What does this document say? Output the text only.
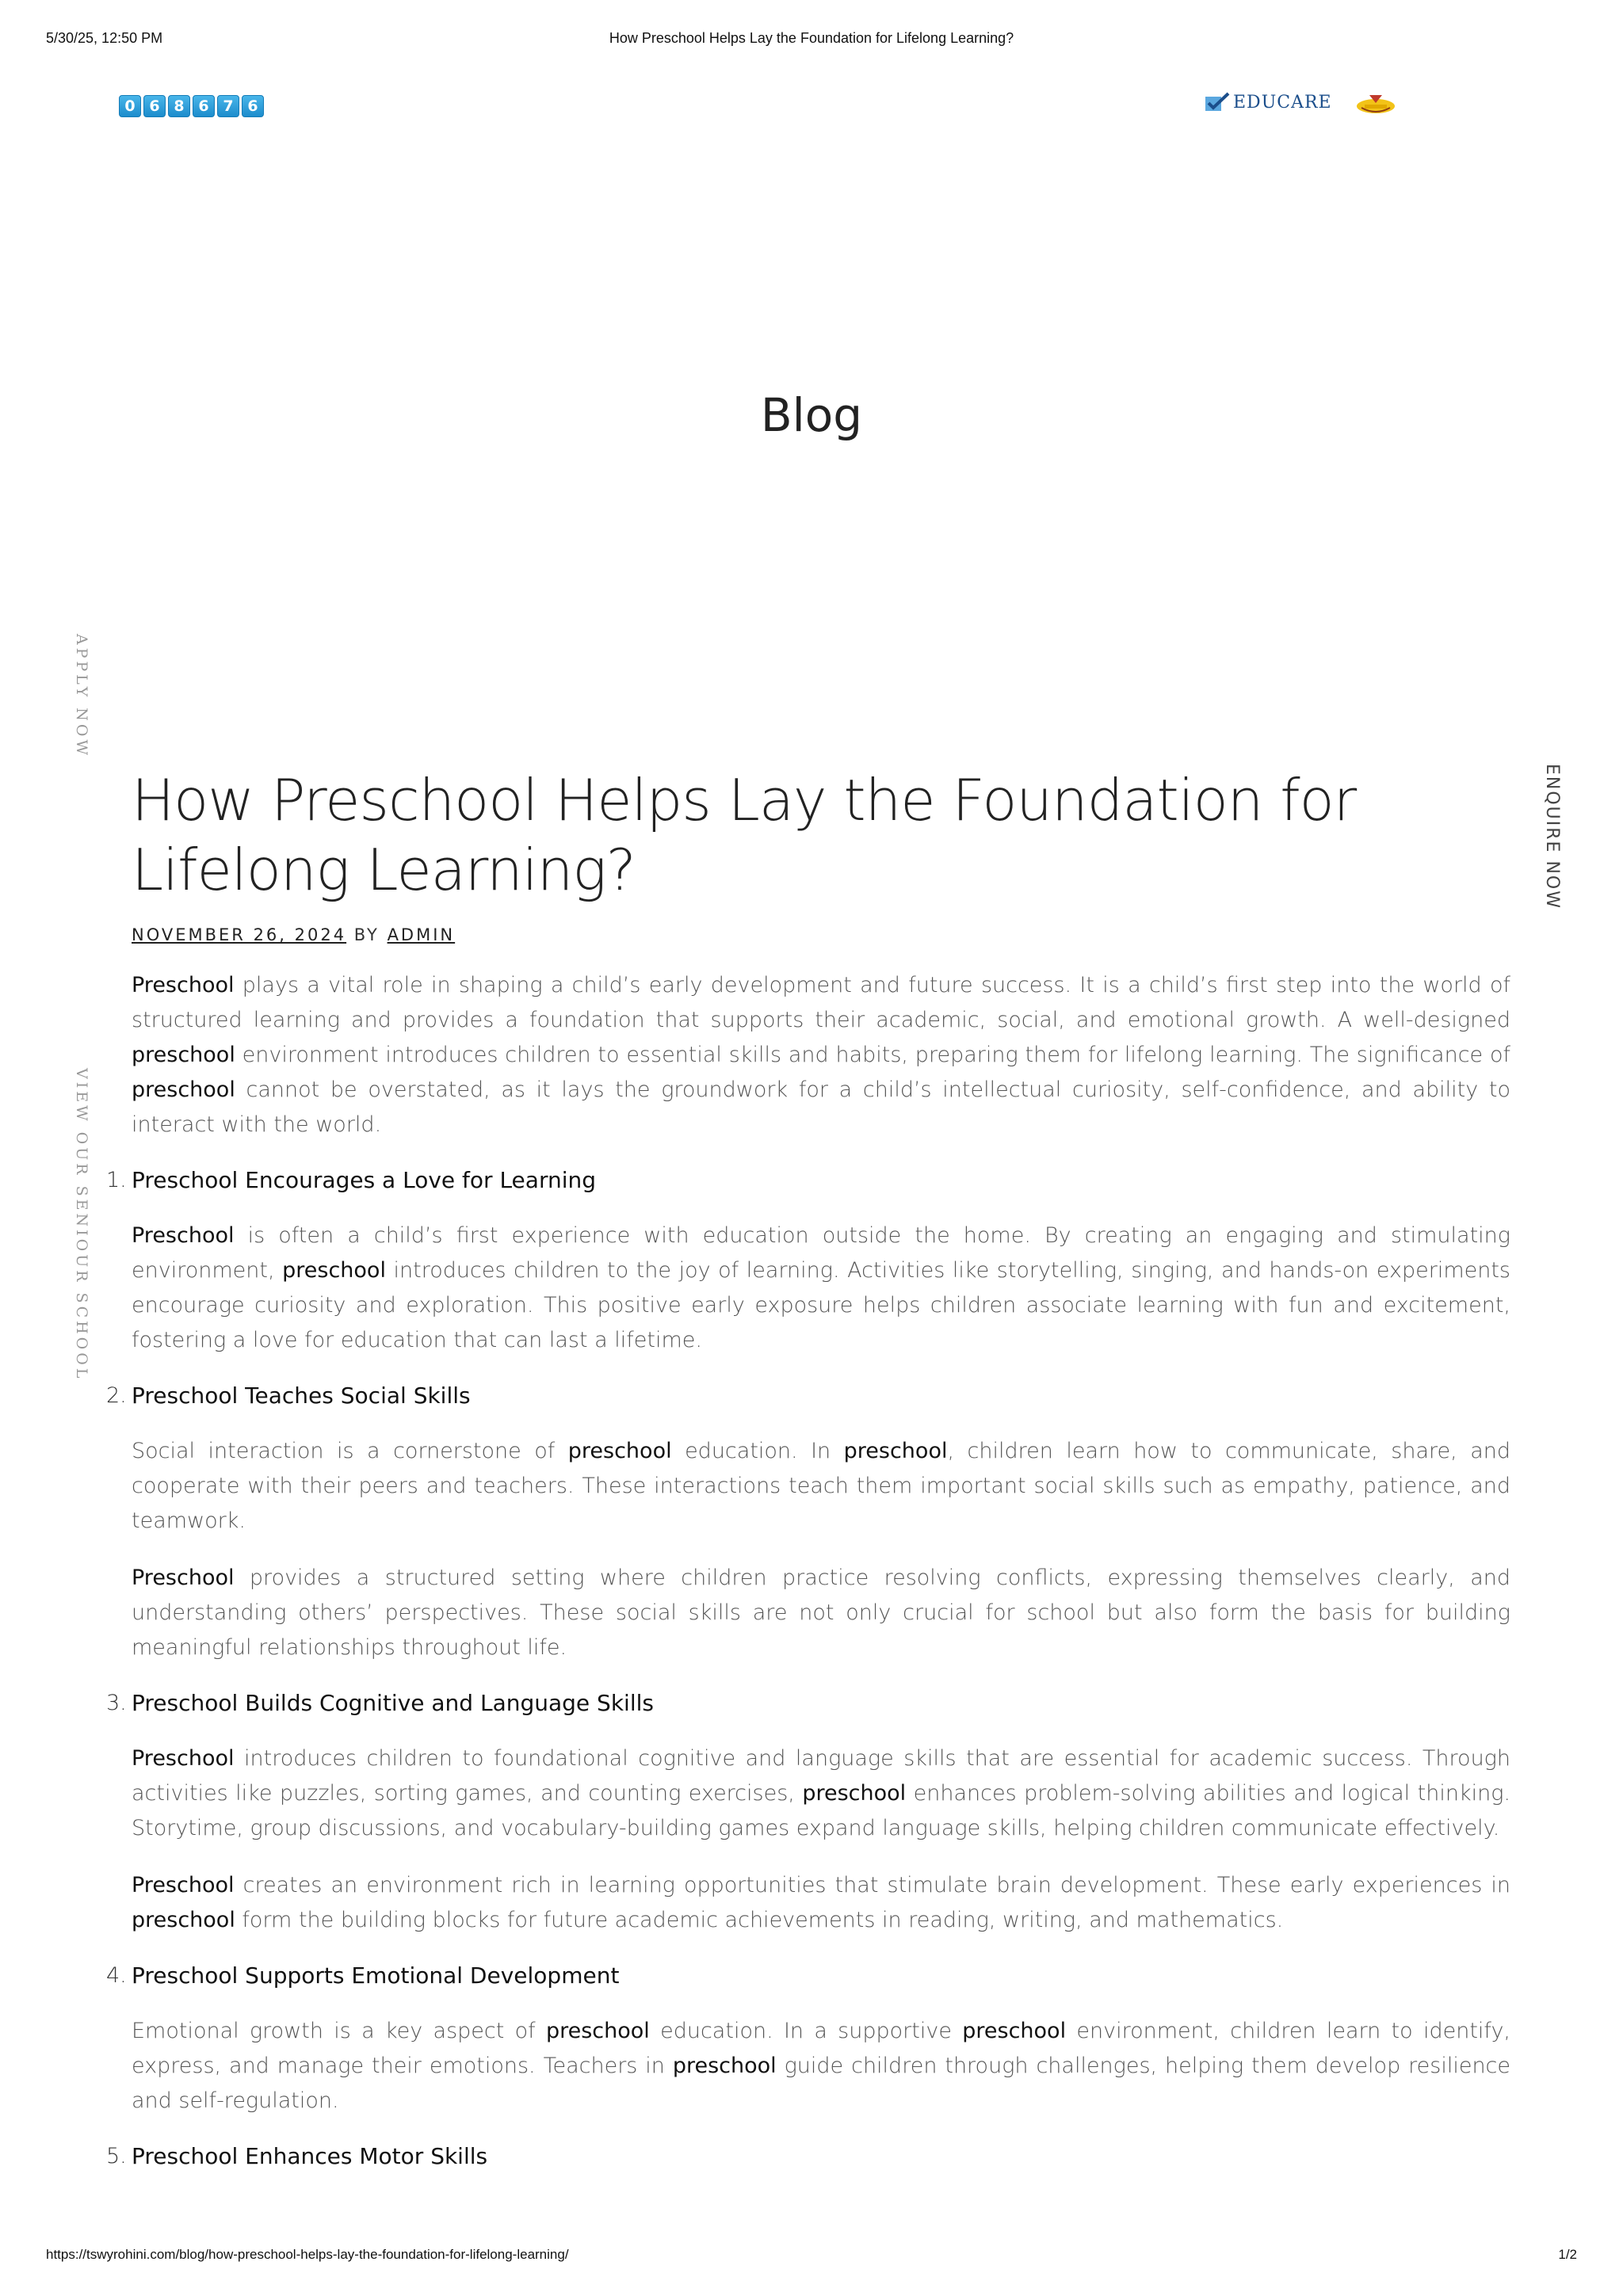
5/30/25, 12:50 PM	How Preschool Helps Lay the Foundation for Lifelong Learning?
0 6 8 6 7 6	EDUCARE
Blog
APPLY NOW
VIEW OUR SENIOUR SCHOOL
ENQUIRE NOW
How Preschool Helps Lay the Foundation for Lifelong Learning?
NOVEMBER 26, 2024 BY ADMIN

Preschool plays a vital role in shaping a child’s early development and future success. It is a child’s first step into the world of structured learning and provides a foundation that supports their academic, social, and emotional growth. A well-designed preschool environment introduces children to essential skills and habits, preparing them for lifelong learning. The significance of preschool cannot be overstated, as it lays the groundwork for a child’s intellectual curiosity, self-confidence, and ability to interact with the world.

1. Preschool Encourages a Love for Learning

Preschool is often a child’s first experience with education outside the home. By creating an engaging and stimulating environment, preschool introduces children to the joy of learning. Activities like storytelling, singing, and hands-on experiments encourage curiosity and exploration. This positive early exposure helps children associate learning with fun and excitement, fostering a love for education that can last a lifetime.

2. Preschool Teaches Social Skills

Social interaction is a cornerstone of preschool education. In preschool, children learn how to communicate, share, and cooperate with their peers and teachers. These interactions teach them important social skills such as empathy, patience, and teamwork.

Preschool provides a structured setting where children practice resolving conflicts, expressing themselves clearly, and understanding others’ perspectives. These social skills are not only crucial for school but also form the basis for building meaningful relationships throughout life.

3. Preschool Builds Cognitive and Language Skills

Preschool introduces children to foundational cognitive and language skills that are essential for academic success. Through activities like puzzles, sorting games, and counting exercises, preschool enhances problem-solving abilities and logical thinking. Storytime, group discussions, and vocabulary-building games expand language skills, helping children communicate effectively.

Preschool creates an environment rich in learning opportunities that stimulate brain development. These early experiences in preschool form the building blocks for future academic achievements in reading, writing, and mathematics.

4. Preschool Supports Emotional Development

Emotional growth is a key aspect of preschool education. In a supportive preschool environment, children learn to identify, express, and manage their emotions. Teachers in preschool guide children through challenges, helping them develop resilience and self-regulation.

5. Preschool Enhances Motor Skills
https://tswyrohini.com/blog/how-preschool-helps-lay-the-foundation-for-lifelong-learning/	1/2
